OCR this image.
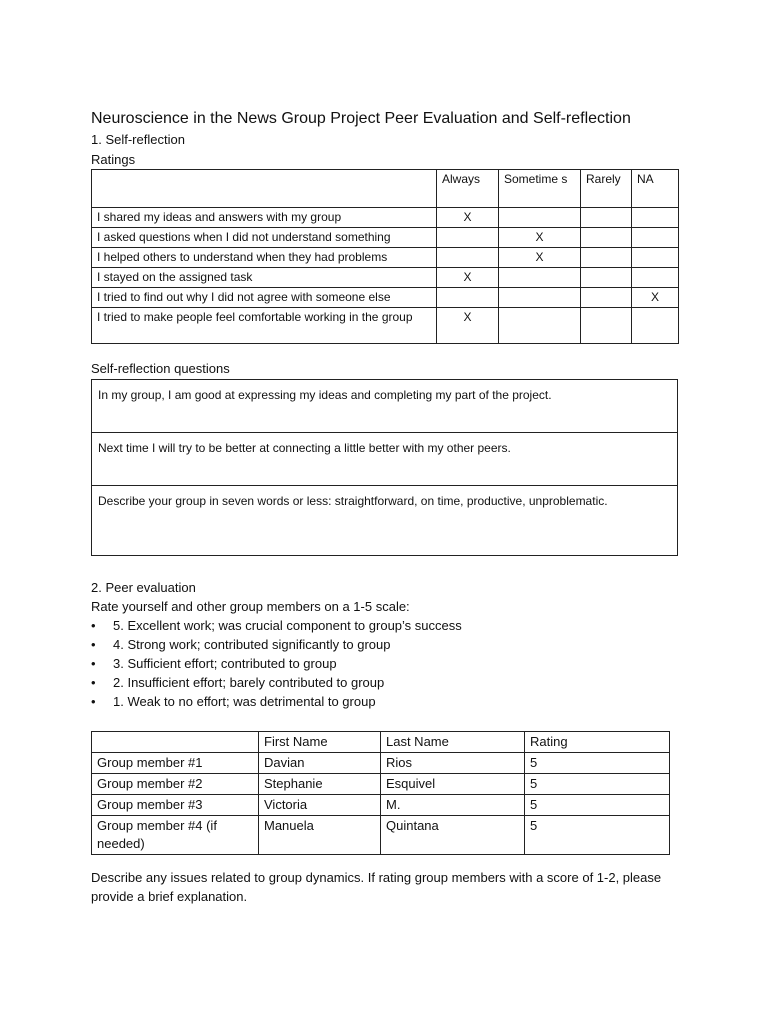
Neuroscience in the News Group Project Peer Evaluation and Self-reflection
1. Self-reflection
Ratings
	Always	Sometime s	Rarely	NA
I shared my ideas and answers with my group	X			
I asked questions when I did not understand something		X		
I helped others to understand when they had problems		X		
I stayed on the assigned task	X			
I tried to find out why I did not agree with someone else				X
I tried to make people feel comfortable working in the group	X			
Self-reflection questions
In my group, I am good at expressing my ideas and completing my part of the project.
Next time I will try to be better at connecting a little better with my other peers.
Describe your group in seven words or less: straightforward, on time, productive, unproblematic.
2. Peer evaluation
Rate yourself and other group members on a 1-5 scale:
• 5. Excellent work; was crucial component to group’s success
• 4. Strong work; contributed significantly to group
• 3. Sufficient effort; contributed to group
• 2. Insufficient effort; barely contributed to group
• 1. Weak to no effort; was detrimental to group
	First Name	Last Name	Rating
Group member #1	Davian	Rios	5
Group member #2	Stephanie	Esquivel	5
Group member #3	Victoria	M.	5
Group member #4 (if needed)	Manuela	Quintana	5
Describe any issues related to group dynamics. If rating group members with a score of 1-2, please provide a brief explanation.
